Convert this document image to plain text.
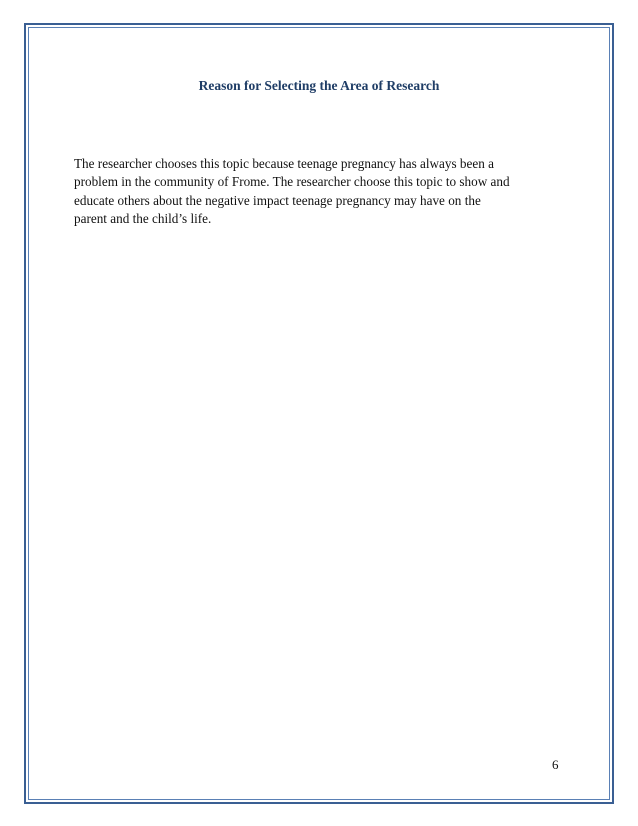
Reason for Selecting the Area of Research
The researcher chooses this topic because teenage pregnancy has always been a
problem in the community of Frome. The researcher choose this topic to show and
educate others about the negative impact teenage pregnancy may have on the
parent and the child’s life.
6
